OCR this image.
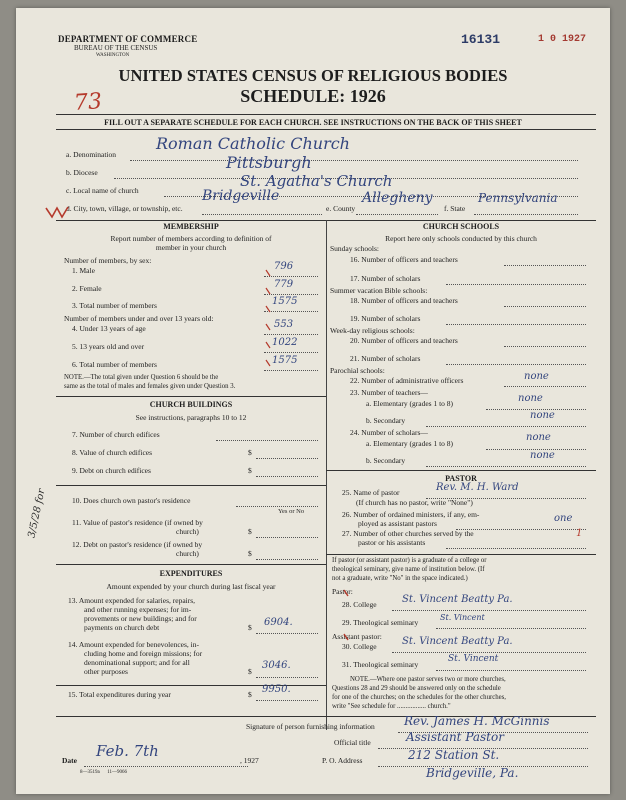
DEPARTMENT OF COMMERCE
BUREAU OF THE CENSUS
WASHINGTON
16131	1 0 1927
UNITED STATES CENSUS OF RELIGIOUS BODIES
SCHEDULE: 1926
73
FILL OUT A SEPARATE SCHEDULE FOR EACH CHURCH. SEE INSTRUCTIONS ON THE BACK OF THIS SHEET
a. Denomination
Roman Catholic Church
b. Diocese
Pittsburgh
c. Local name of church
St. Agatha's Church
d. City, town, village, or township, etc.
Bridgeville
e. County
Allegheny
f. State
Pennsylvania
MEMBERSHIP
Report number of members according to definition of
member in your church
Number of members, by sex:
1. Male	796
2. Female	779
3. Total number of members	1575
Number of members under and over 13 years old:
4. Under 13 years of age	553
5. 13 years old and over	1022
6. Total number of members	1575
NOTE.—The total given under Question 6 should be the
same as the total of males and females given under Question 3.
CHURCH BUILDINGS
See instructions, paragraphs 10 to 12
7. Number of church edifices
8. Value of church edifices	$
9. Debt on church edifices	$
10. Does church own pastor's residence
Yes or No
11. Value of pastor's residence (if owned by
church)	$
12. Debt on pastor's residence (if owned by
church)	$
3/5/28 for
EXPENDITURES
Amount expended by your church during last fiscal year
13. Amount expended for salaries, repairs,
and other running expenses; for im-
provements or new buildings; and for
payments on church debt	$ 6904.
14. Amount expended for benevolences, in-
cluding home and foreign missions; for
denominational support; and for all
other purposes	$
3046.
15. Total expenditures during year	$ 9950.
CHURCH SCHOOLS
Report here only schools conducted by this church
Sunday schools:
16. Number of officers and teachers
17. Number of scholars
Summer vacation Bible schools:
18. Number of officers and teachers
19. Number of scholars
Week-day religious schools:
20. Number of officers and teachers
21. Number of scholars
Parochial schools:
22. Number of administrative officers	none
23. Number of teachers—
a. Elementary (grades 1 to 8)	none
b. Secondary	none
24. Number of scholars—
a. Elementary (grades 1 to 8)
none
b. Secondary	none
PASTOR
25. Name of pastor	Rev. M. H. Ward
(If church has no pastor, write "None")
26. Number of ordained ministers, if any, em-
ployed as assistant pastors	one
27. Number of other churches served by the
pastor or his assistants
1
If pastor (or assistant pastor) is a graduate of a college or
theological seminary, give name of institution below. (If
not a graduate, write "No" in the space indicated.)
Pastor:
28. College	St. Vincent Beatty Pa.
29. Theological seminary
St. Vincent
Assistant pastor:
30. College	St. Vincent Beatty Pa.
31. Theological seminary
St. Vincent
NOTE.—Where one pastor serves two or more churches,
Questions 28 and 29 should be answered only on the schedule
for one of the churches; on the schedules for the other churches,
write "See schedule for ................. church."
Signature of person furnishing information Rev. James H. McGinnis
Official title	Assistant Pastor
Date
Feb. 7th
, 1927	P. O. Address	212 Station St.
Bridgeville, Pa.
8—3519a 11—9066
